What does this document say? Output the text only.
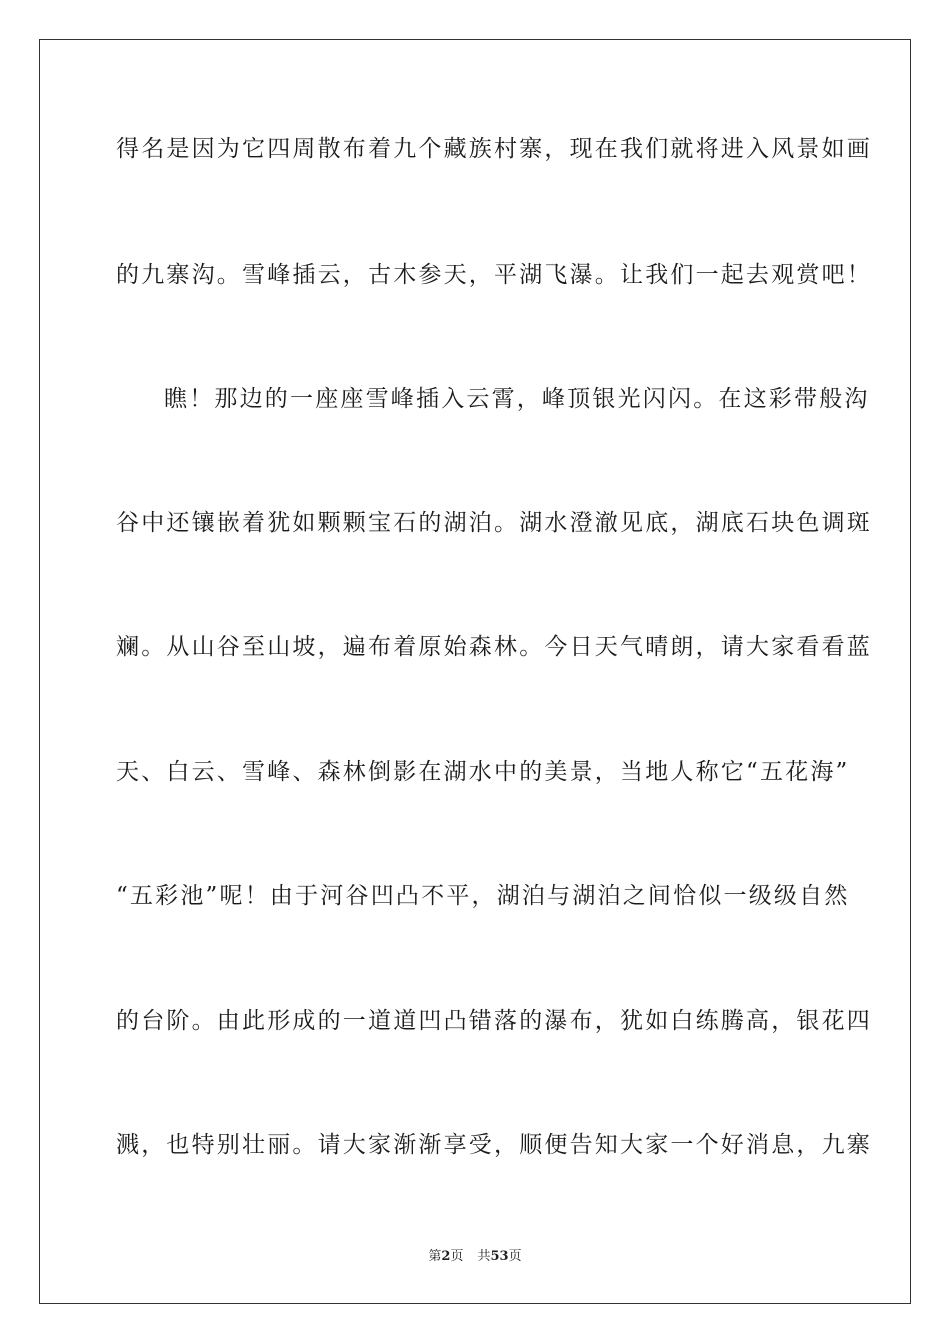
得名是因为它四周散布着九个藏族村寨，现在我们就将进入风景如画
的九寨沟。雪峰插云，古木参天，平湖飞瀑。让我们一起去观赏吧！
瞧！那边的一座座雪峰插入云霄，峰顶银光闪闪。在这彩带般沟
谷中还镶嵌着犹如颗颗宝石的湖泊。湖水澄澈见底，湖底石块色调斑
斓。从山谷至山坡，遍布着原始森林。今日天气晴朗，请大家看看蓝
天、白云、雪峰、森林倒影在湖水中的美景，当地人称它“五花海”
“五彩池”呢！由于河谷凹凸不平，湖泊与湖泊之间恰似一级级自然
的台阶。由此形成的一道道凹凸错落的瀑布，犹如白练腾高，银花四
溅，也特别壮丽。请大家渐渐享受，顺便告知大家一个好消息，九寨
第2页 共53页
